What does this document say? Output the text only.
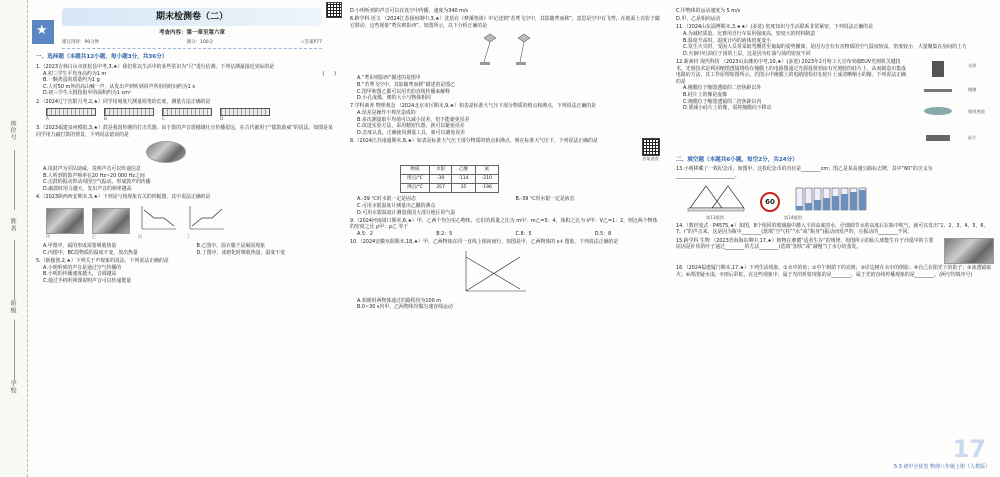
座位号
姓名
班级
学校
★
期末检测卷（二）
考查内容：第一章至第六章
建议用时：90分钟	满分：100分	☆答案P77
一、选择题（本题共12小题，每小题3分，共36分）
1.（2023吉林白山市抚松县中考,3,★）我们常以生活中的某些常识为“尺”进行估测。下列估测最接近实际的是
(　　)
A.初三学生平均身高约为1 m
B.一颗鸡蛋的质量约为1 g
C.人对50 m外的高山喊一声，从发出声到听到回声所用的时间约为1 s
D.初三学生大拇指指甲的面积约为1 cm²
2.（2024辽宁沈阳月考,2,★）同学用刻度尺测量铅笔的长度，测量方法正确的是
A	B	C	D
3.（2023福建泉州模拟,3,★）鼓是我国传统的打击乐器。由于鼓的声音震撼雄壮且传播很远，在古代被用于“擂鼓助威”的说法。如图是某同学用力敲打鼓的情景，下列说法错误的是
A.用鼓声为军队助威，说明声音可以传递信息
B.人听到的鼓声频率在20 Hz~20 000 Hz之间
C.击鼓的振动带动周围空气振动，形成鼓声的传播
D.敲鼓时用力越大，发出声音的频率越高
4.（2023陕西西安期末,3,★）下列是与热现象有关的四幅图，其中说法正确的是
甲	乙	丙	丁
A.甲图中，霜的形成需要吸收热量	B.乙图中，湿衣服干是凝固现象
C.丙图中，BC段物质的温度不变，放出热量	D.丁图中，冰熔化时吸收热量，温度不变
5.（新独创,2,★）下列关于声现象的说法，下列说法正确的是
A.小明听到的声音是通过空气传播的
B.小明的传播速度越大，音调越高
C.通过手机听网课说明声音可以传递能量
D.小明听到的声音可以在真空中传播，速度为340 m/s
6.跨学科 语文 （2024江苏扬州期中,3,★）沈括在《梦溪笔谈》中记述到“若鸢飞空中，其影随鸢而移”，意思是空中有飞鸢，在地面上有影子随它移动，这些现象“鸢东则影西”。如图所示，以下分析正确的是
A.“鸢东则影西”描述的是图甲
B.“若鸢飞空中，其影随鸢而移”描述的是图乙
C.图甲和图乙都可以用光的直线传播来解释
D.小孔成像，像的大小与物体相同
7.学科素养 物理观念 （2024北京市区期末,9,★）如表是标准大气压下部分物质的熔点和沸点，下列说法正确的是
A.误差是操作不规范造成的
B.多次测量取平均值可以减小误差，但不能避免误差
C.改进实验方法，采用精密仪器，就可以避免误差
D.态度认真，正确使用测量工具，就可以避免误差
8.（2024江苏南通期末,8,★）如表是标准大气压下部分物质的熔点和沸点，则在标准大气压下，下列说法正确的是
答案速查
物质	水银	乙醚	氮
熔点/℃	-39	-114	-210
沸点/℃	357	35	-196
A.-39 ℃时水银一定是固态	B.-39 ℃时水银一定是液态
C.可用水银温度计测量出乙醚的沸点
D.可用水银温度计测量我国大部分地区的气温
9.（2024河南周口期末,6,★）甲、乙两个均匀实心物体，它们的质量之比为 m甲：m乙=5：4，体积之比为 V甲：V乙=1：2，则这两个物体的密度之比 ρ甲：ρ乙 等于
A.5：2	B.2：5	C.8：5	D.5：8
10.（2024安徽阜阳期末,18,★）甲、乙两物体在同一直线上相向而行，如图是甲、乙两物体的 s-t 图象，下列说法正确的是
A.相遇时两物体通过的路程均为100 m
B.0~30 s内甲、乙两物体均做匀速直线运动
C.甲物体的运动速度为 5 m/s
D.甲、乙是相向运动
11.（2024山东淄博期末,3,★★）(多选) 密度知识与生活联系非常紧密，下列说法正确的是
A.为减轻质量，比赛用自行车采用强度高、密度大的材料制造
B.温度升高时，温度计内的液体密度变小
C.发生火灾时，受困人员常采取弯腰甚至匍匐的姿势撤离，是因为含有有害物质的空气温度较高，密度较小，大量聚集在房间的上方
D.火锅中红油位于汤的上层，这是因为红油与汤的密度不同
12.新素材 现代科技 （2023山东潍坊中考,10,★）(多选) 2023年2月哈工大宣布突破EUV光刻机关键技术，光刻技术是利用缩图透镜将绘在掩膜上的电路图通过光源投射到涂有光刻胶的硅片上，从而制造出集成电路的方法，其工作原理如图所示。若图示中掩膜上的电路图恰好在硅片上成清晰缩小的像，下列说法正确的是
A.掩膜位于缩图透镜的二倍焦距以外
B.硅片上的像是虚像
C.掩膜位于缩图透镜的二倍焦距以内
D.要减小硅片上的像，需将掩膜向下移动
光源
掩膜
缩图透镜
硅片
二、填空题（本题共6小题，每空2分，共24分）
13.小明移藏了一枚纪念币，如图甲，这枚纪念币的直径是________cm；图乙是某高速公路标志牌，其中“60”的含义为________________________。
60
第13题图	第14题图
14.（教材变式 · P4575,★）如图，8个相同的玻璃瓶中灌入不同高度的水，仔细调节水的高度后在瓶中吹气，就可以发出“1，2，3，4，5，6，7，i”的声音来，这是因为瓶中________(选填“空气柱”“水”或“瓶身”)振动而发声的，且振动的________不同。
15.跨学科 生物 （2023青海海东期中,17,★）植物在遵循“适者生存”的规律，如图所示的仙人球能生存于沙漠中的主要原因是针状的叶子通过________的方法________(选填“加快”或“减慢”)了水分的蒸发。
16.（2024福建厦门期末,17,★）下列生活现象，①水中的鱼；②中午树荫下的亮斑；③岸边树在水中的倒影；④自己在阳光下的影子；⑤冰透镜取火；⑥潭清疑水浅；⑦雨后彩虹。在这些现象中，属于光的折射现象的是________，属于光的直线传播现象的是________。(两空均填序号)
17
5·3 初中全优卷 物理八年级上册（人教版）
